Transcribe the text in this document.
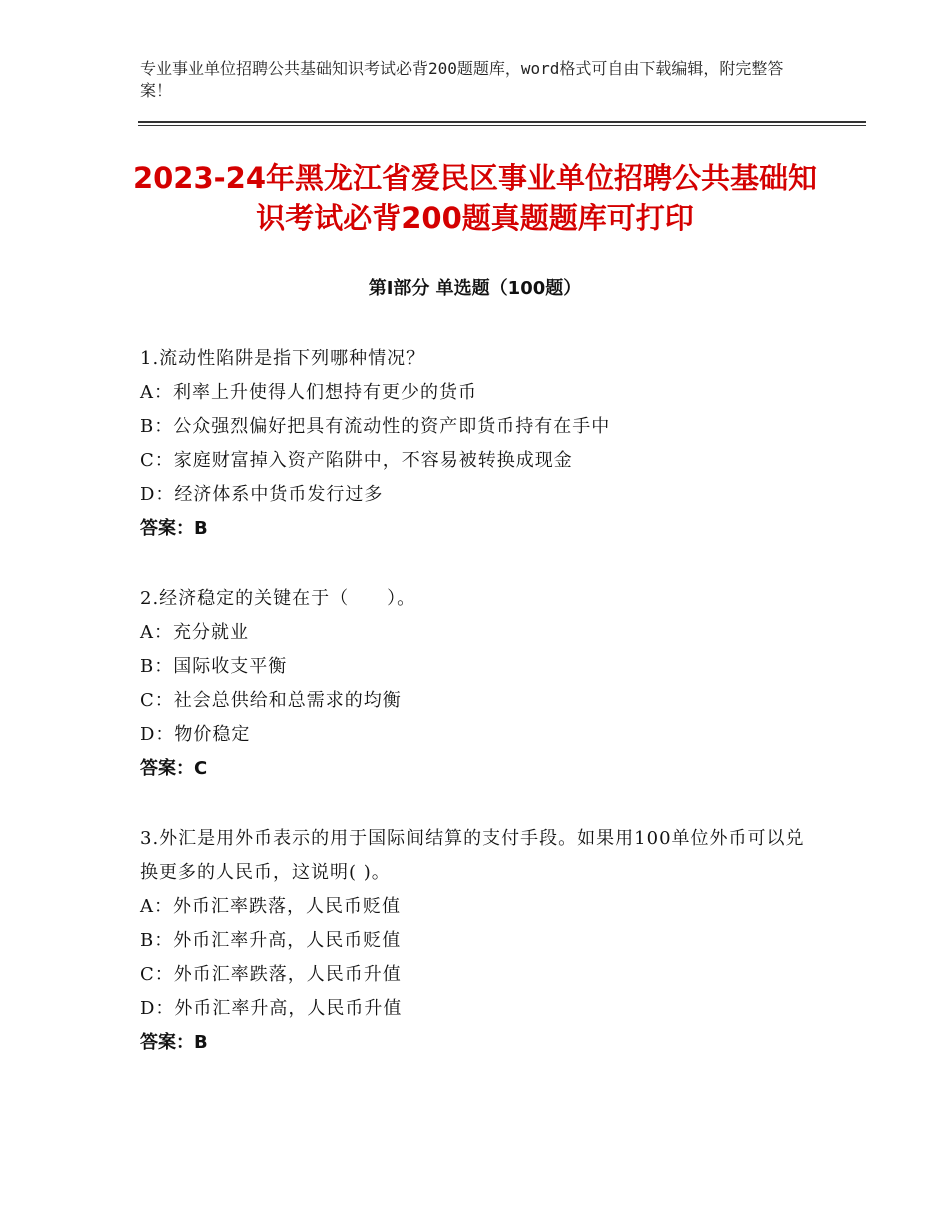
专业事业单位招聘公共基础知识考试必背200题题库，word格式可自由下载编辑，附完整答案！
2023-24年黑龙江省爱民区事业单位招聘公共基础知识考试必背200题真题题库可打印
第Ⅰ部分 单选题（100题）
1.流动性陷阱是指下列哪种情况？
A：利率上升使得人们想持有更少的货币
B：公众强烈偏好把具有流动性的资产即货币持有在手中
C：家庭财富掉入资产陷阱中，不容易被转换成现金
D：经济体系中货币发行过多
答案：B
2.经济稳定的关键在于（　　）。
A：充分就业
B：国际收支平衡
C：社会总供给和总需求的均衡
D：物价稳定
答案：C
3.外汇是用外币表示的用于国际间结算的支付手段。如果用100单位外币可以兑换更多的人民币，这说明( )。
A：外币汇率跌落，人民币贬值
B：外币汇率升高，人民币贬值
C：外币汇率跌落，人民币升值
D：外币汇率升高，人民币升值
答案：B
